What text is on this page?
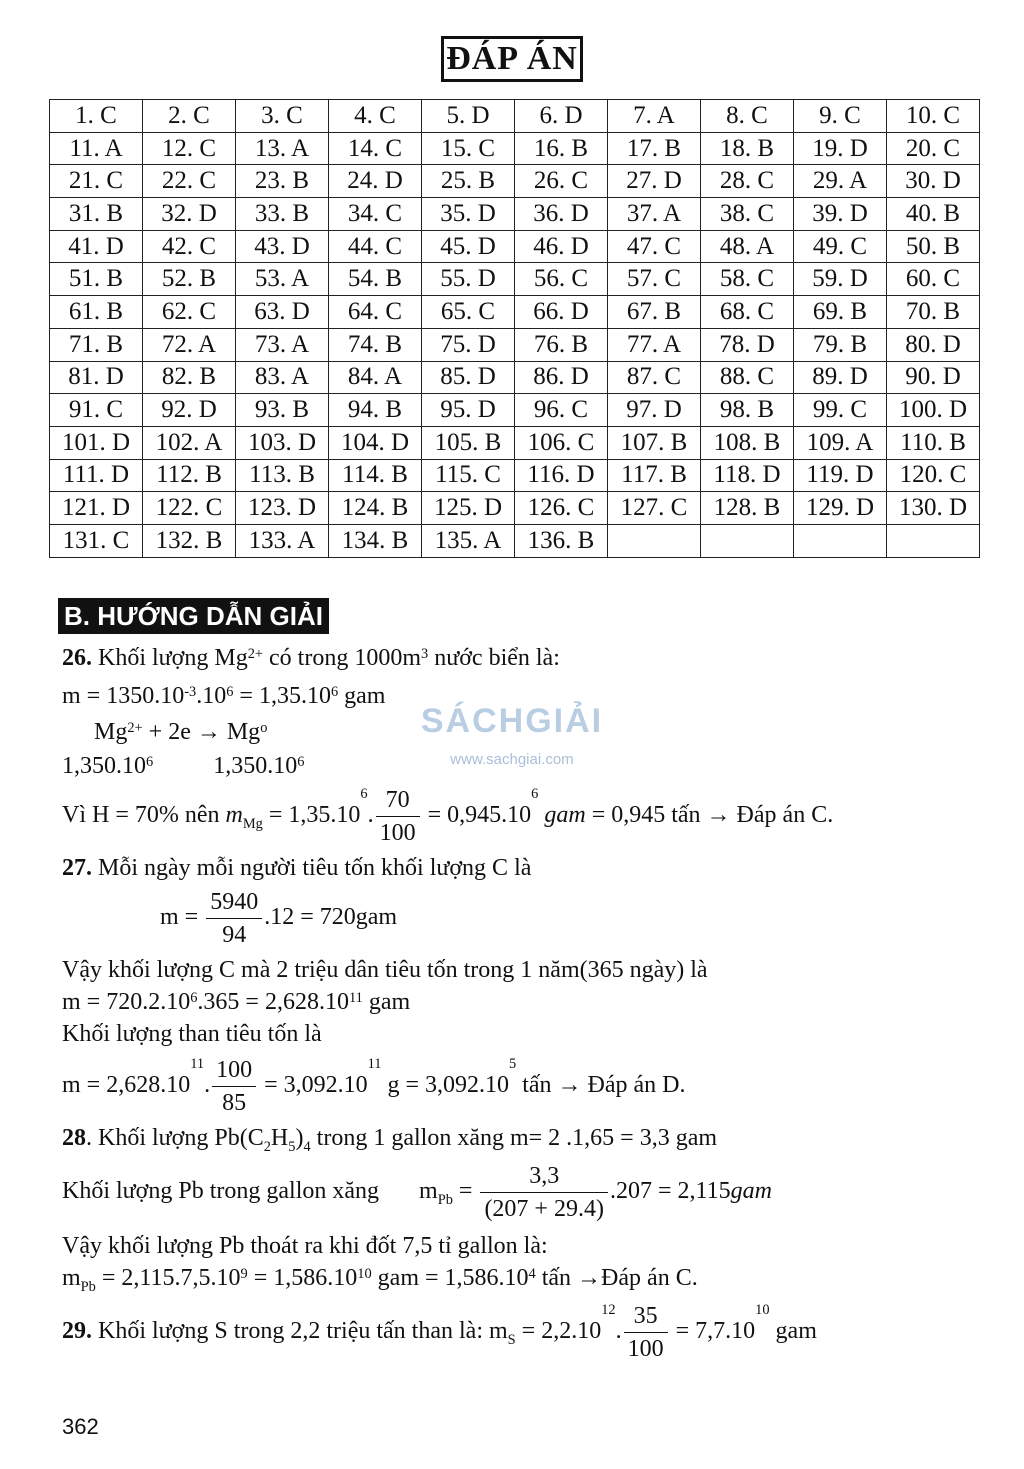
ĐÁP ÁN
1. C	2. C	3. C	4. C	5. D	6. D	7. A	8. C	9. C	10. C
11. A	12. C	13. A	14. C	15. C	16. B	17. B	18. B	19. D	20. C
21. C	22. C	23. B	24. D	25. B	26. C	27. D	28. C	29. A	30. D
31. B	32. D	33. B	34. C	35. D	36. D	37. A	38. C	39. D	40. B
41. D	42. C	43. D	44. C	45. D	46. D	47. C	48. A	49. C	50. B
51. B	52. B	53. A	54. B	55. D	56. C	57. C	58. C	59. D	60. C
61. B	62. C	63. D	64. C	65. C	66. D	67. B	68. C	69. B	70. B
71. B	72. A	73. A	74. B	75. D	76. B	77. A	78. D	79. B	80. D
81. D	82. B	83. A	84. A	85. D	86. D	87. C	88. C	89. D	90. D
91. C	92. D	93. B	94. B	95. D	96. C	97. D	98. B	99. C	100. D
101. D	102. A	103. D	104. D	105. B	106. C	107. B	108. B	109. A	110. B
111. D	112. B	113. B	114. B	115. C	116. D	117. B	118. D	119. D	120. C
121. D	122. C	123. D	124. B	125. D	126. C	127. C	128. B	129. D	130. D
131. C	132. B	133. A	134. B	135. A	136. B				
B. HƯỚNG DẪN GIẢI
26. Khối lượng $Mg^{2+}$ có trong $1000m^3$ nước biển là:
$m = 1350.10^{-3}.10^6 = 1,35.10^6$ gam
$Mg^{2+} + 2e \to Mg^o$
1,350.10$^6$	1,350.10$^6$
Vì H = 70% nên $m_{Mg} = 1,35.10^6$. $\frac{70}{100} = 0,945.10^6$ gam = 0,945 tấn → Đáp án C.
27. Mỗi ngày mỗi người tiêu tốn khối lượng C là
$m = \frac{5940}{94} .12 = 720gam$
Vậy khối lượng C mà 2 triệu dân tiêu tốn trong 1 năm(365 ngày) là
$m = 720.2.10^6.365 = 2,628.10^{11}$ gam
Khối lượng than tiêu tốn là
$m = 2,628.10^{11}$. $\frac{100}{85} = 3,092.10^{11}$ $g = 3,092.10^5$ tấn → Đáp án D.
28. Khối lượng $Pb(C_2H_5)_4$ trong 1 gallon xăng m= 2 .1,65 = 3,3 gam
Khối lượng Pb trong gallon xăng $m_{Pb} = \frac{3,3}{(207 + 29.4)} .207 = 2,115gam$
Vậy khối lượng Pb thoát ra khi đốt 7,5 tỉ gallon là:
$m_{Pb} = 2,115.7,5.10^9 = 1,586.10^{10}$ gam = $1,586.10^4$ tấn →Đáp án C.
29. Khối lượng S trong 2,2 triệu tấn than là: $m_S = 2,2.10^{12}$. $\frac{35}{100} = 7,7.10^{10}$ gam
SÁCHGIẢI
www.sachgiai.com
362
